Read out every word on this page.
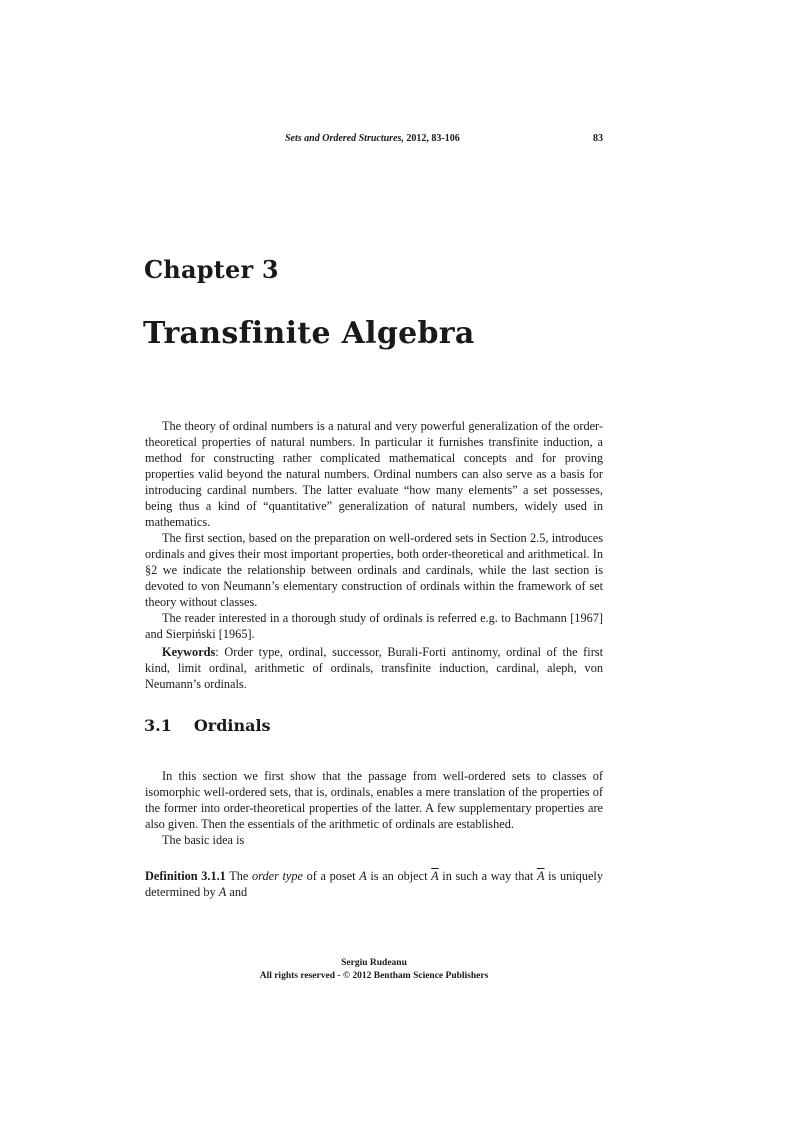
Sets and Ordered Structures, 2012, 83-106	83
Chapter 3
Transfinite Algebra

The theory of ordinal numbers is a natural and very powerful generalization of the order-theoretical properties of natural numbers. In particular it furnishes transfinite induction, a method for constructing rather complicated mathematical concepts and for proving properties valid beyond the natural numbers. Ordinal numbers can also serve as a basis for introducing cardinal numbers. The latter evaluate “how many elements” a set possesses, being thus a kind of “quantitative” generalization of natural numbers, widely used in mathematics.

The first section, based on the preparation on well-ordered sets in Section 2.5, introduces ordinals and gives their most important properties, both order-theoretical and arithmetical. In §2 we indicate the relationship between ordinals and cardinals, while the last section is devoted to von Neumann’s elementary construction of ordinals within the framework of set theory without classes.

The reader interested in a thorough study of ordinals is referred e.g. to Bachmann [1967] and Sierpiński [1965].

Keywords: Order type, ordinal, successor, Burali-Forti antinomy, ordinal of the first kind, limit ordinal, arithmetic of ordinals, transfinite induction, cardinal, aleph, von Neumann’s ordinals.

3.1 Ordinals

In this section we first show that the passage from well-ordered sets to classes of isomorphic well-ordered sets, that is, ordinals, enables a mere translation of the properties of the former into order-theoretical properties of the latter. A few supplementary properties are also given. Then the essentials of the arithmetic of ordinals are established.

The basic idea is

Definition 3.1.1 The order type of a poset A is an object $\overline{A}$ in such a way that $\overline{A}$ is uniquely determined by A and

Sergiu Rudeanu
All rights reserved - © 2012 Bentham Science Publishers
